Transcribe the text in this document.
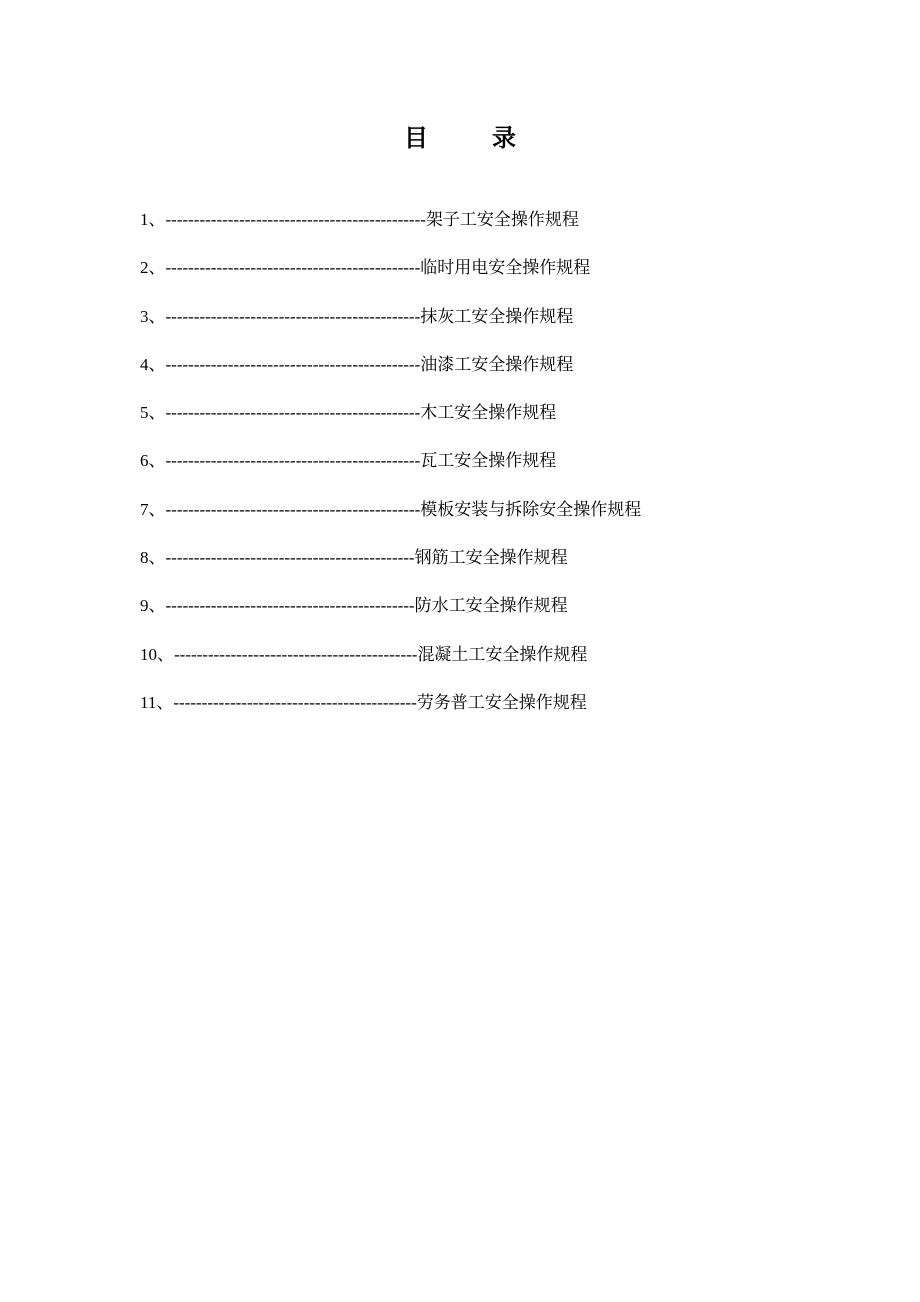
目	录
1、----------------------------------------------架子工安全操作规程
2、---------------------------------------------临时用电安全操作规程
3、---------------------------------------------抹灰工安全操作规程
4、---------------------------------------------油漆工安全操作规程
5、---------------------------------------------木工安全操作规程
6、---------------------------------------------瓦工安全操作规程
7、---------------------------------------------模板安装与拆除安全操作规程
8、--------------------------------------------钢筋工安全操作规程
9、--------------------------------------------防水工安全操作规程
10、-------------------------------------------混凝土工安全操作规程
11、-------------------------------------------劳务普工安全操作规程
